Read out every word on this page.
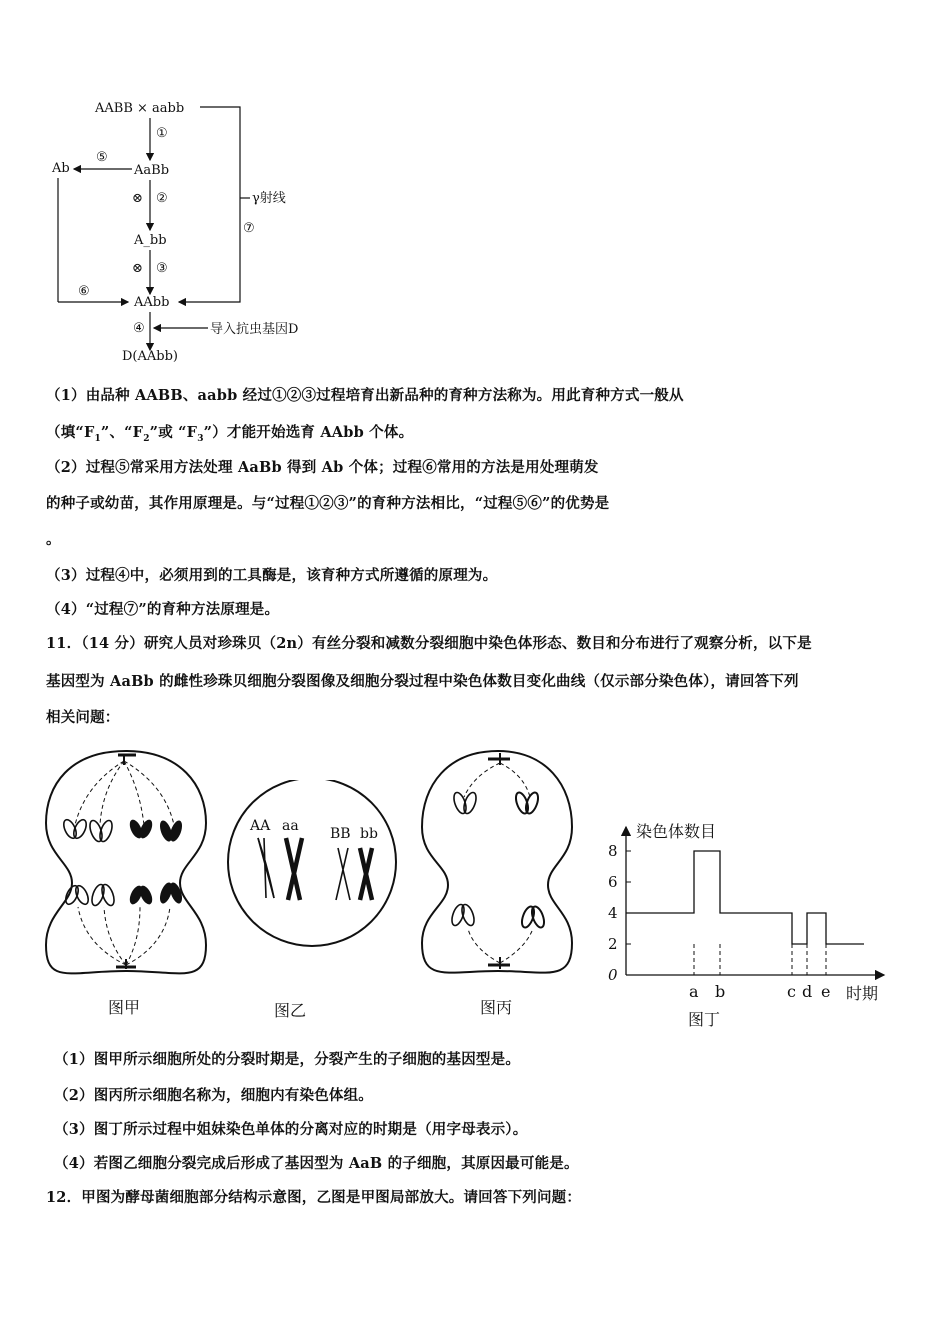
AABB × aabb
①
AaBb
⑤
Ab
⑥
⊗ ②
A_bb
⊗ ③
AAbb
γ射线
⑦
④	导入抗虫基因D
D(AAbb)
（1）由品种 AABB、aabb 经过①②③过程培育出新品种的育种方法称为。用此育种方式一般从
（填“$F_1$”、“$F_2$”或 “$F_3$”）才能开始选育 AAbb 个体。
（2）过程⑤常采用方法处理 AaBb 得到 Ab 个体；过程⑥常用的方法是用处理萌发
的种子或幼苗，其作用原理是。与“过程①②③”的育种方法相比，“过程⑤⑥”的优势是
。
（3）过程④中，必须用到的工具酶是，该育种方式所遵循的原理为。
（4）“过程⑦”的育种方法原理是。
11．（14 分）研究人员对珍珠贝（2n）有丝分裂和减数分裂细胞中染色体形态、数目和分布进行了观察分析，以下是
基因型为 AaBb 的雌性珍珠贝细胞分裂图像及细胞分裂过程中染色体数目变化曲线（仅示部分染色体），请回答下列
相关问题：
图甲
AA aa BB bb
图乙	图丙
染色体数目
时期
0
2
4
6
8
a b	c d e
图丁
（1）图甲所示细胞所处的分裂时期是，分裂产生的子细胞的基因型是。
（2）图丙所示细胞名称为，细胞内有染色体组。
（3）图丁所示过程中姐妹染色单体的分离对应的时期是（用字母表示）。
（4）若图乙细胞分裂完成后形成了基因型为 AaB 的子细胞，其原因最可能是。
12．甲图为酵母菌细胞部分结构示意图，乙图是甲图局部放大。请回答下列问题：
